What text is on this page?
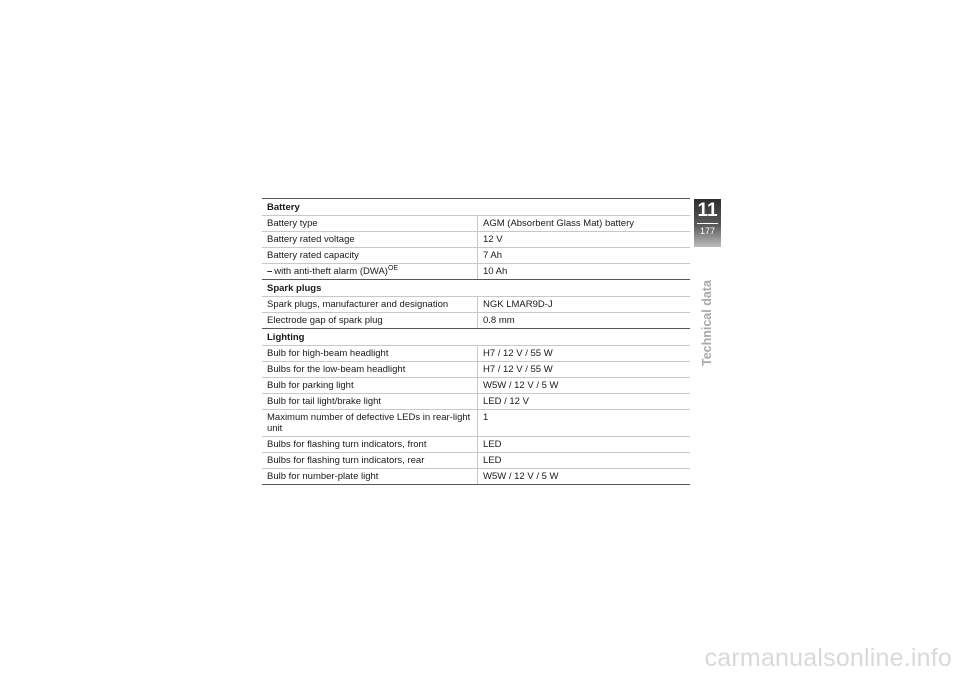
Battery	
Battery type	AGM (Absorbent Glass Mat) battery
Battery rated voltage	12 V
Battery rated capacity	7 Ah
– with anti-theft alarm (DWA)$^{OE}$	10 Ah
Spark plugs	
Spark plugs, manufacturer and designation	NGK LMAR9D-J
Electrode gap of spark plug	0.8 mm
Lighting	
Bulb for high-beam headlight	H7 / 12 V / 55 W
Bulbs for the low-beam headlight	H7 / 12 V / 55 W
Bulb for parking light	W5W / 12 V / 5 W
Bulb for tail light/brake light	LED / 12 V
Maximum number of defective LEDs in rear-light unit	1
Bulbs for flashing turn indicators, front	LED
Bulbs for flashing turn indicators, rear	LED
Bulb for number-plate light	W5W / 12 V / 5 W
11
177
Technical data
carmanualsonline.info
